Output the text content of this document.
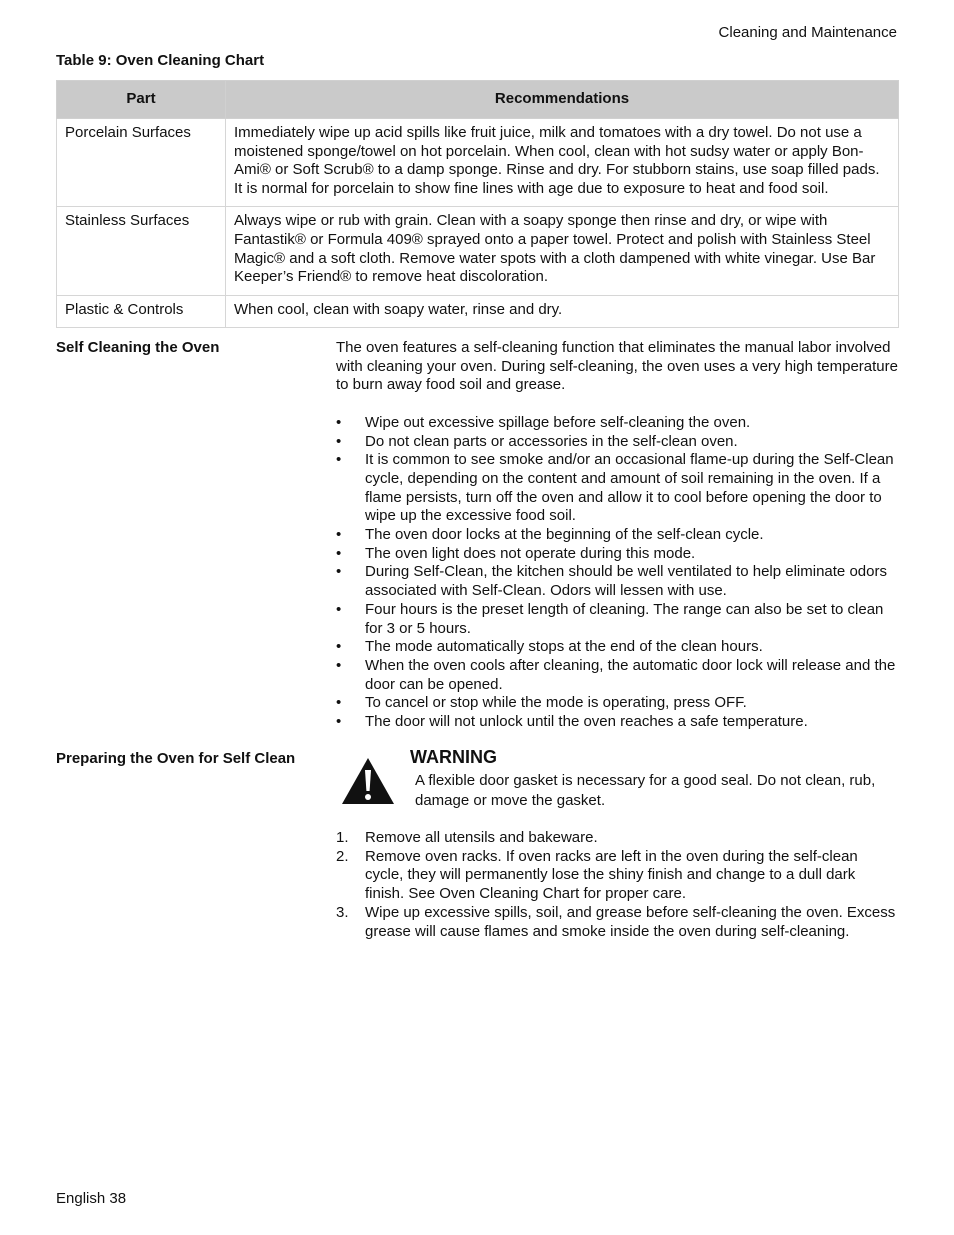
Cleaning and Maintenance
Table 9: Oven Cleaning Chart
Part	Recommendations
Porcelain Surfaces	Immediately wipe up acid spills like fruit juice, milk and tomatoes with a dry towel. Do not use a moistened sponge/towel on hot porcelain. When cool, clean with hot sudsy water or apply Bon-Ami® or Soft Scrub® to a damp sponge. Rinse and dry. For stubborn stains, use soap filled pads. It is normal for porcelain to show fine lines with age due to exposure to heat and food soil.
Stainless Surfaces	Always wipe or rub with grain. Clean with a soapy sponge then rinse and dry, or wipe with Fantastik® or Formula 409® sprayed onto a paper towel. Protect and polish with Stainless Steel Magic® and a soft cloth. Remove water spots with a cloth dampened with white vinegar. Use Bar Keeper’s Friend® to remove heat discoloration.
Plastic & Controls	When cool, clean with soapy water, rinse and dry.
Self Cleaning the Oven	The oven features a self-cleaning function that eliminates the manual labor involved with cleaning your oven. During self-cleaning, the oven uses a very high temperature to burn away food soil and grease.

• Wipe out excessive spillage before self-cleaning the oven.
• Do not clean parts or accessories in the self-clean oven.
• It is common to see smoke and/or an occasional flame-up during the Self-Clean cycle, depending on the content and amount of soil remaining in the oven. If a flame persists, turn off the oven and allow it to cool before opening the door to wipe up the excessive food soil.
• The oven door locks at the beginning of the self-clean cycle.
• The oven light does not operate during this mode.
• During Self-Clean, the kitchen should be well ventilated to help eliminate odors associated with Self-Clean. Odors will lessen with use.
• Four hours is the preset length of cleaning. The range can also be set to clean for 3 or 5 hours.
• The mode automatically stops at the end of the clean hours.
• When the oven cools after cleaning, the automatic door lock will release and the door can be opened.
• To cancel or stop while the mode is operating, press OFF.
• The door will not unlock until the oven reaches a safe temperature.
Preparing the Oven for Self Clean	WARNING
A flexible door gasket is necessary for a good seal. Do not clean, rub, damage or move the gasket.
1. Remove all utensils and bakeware.
2. Remove oven racks. If oven racks are left in the oven during the self-clean cycle, they will permanently lose the shiny finish and change to a dull dark finish. See Oven Cleaning Chart for proper care.
3. Wipe up excessive spills, soil, and grease before self-cleaning the oven. Excess grease will cause flames and smoke inside the oven during self-cleaning.
English 38
